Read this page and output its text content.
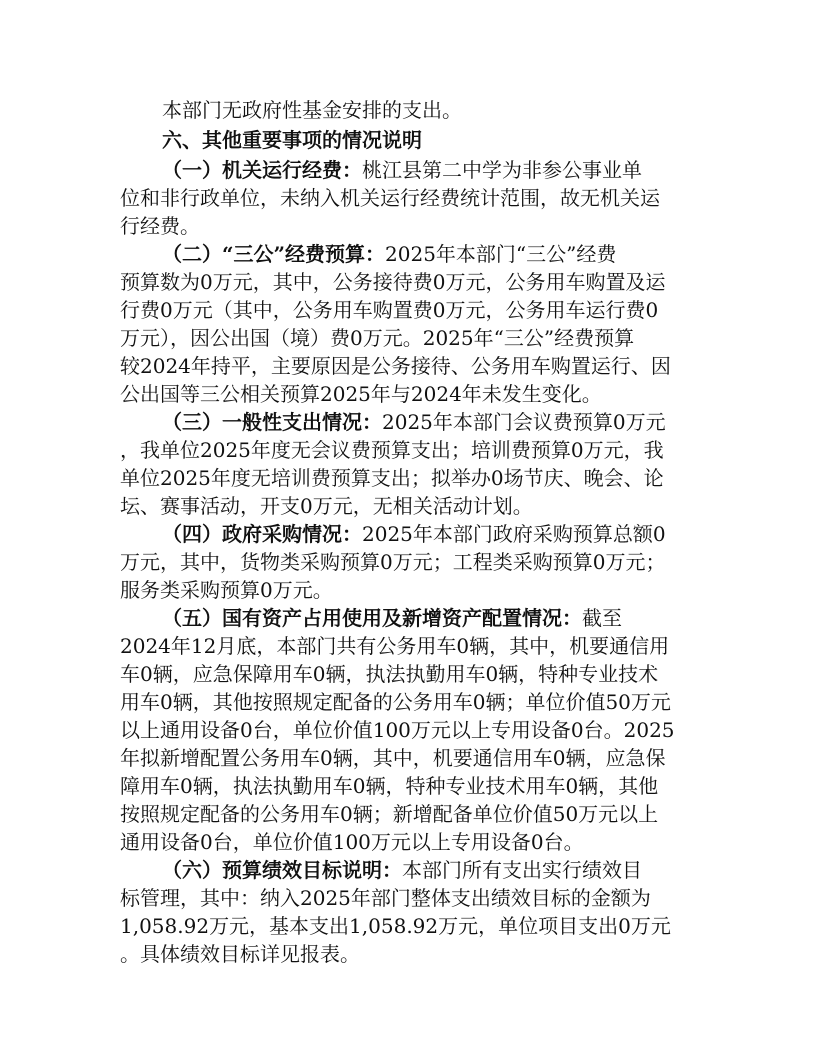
本部门无政府性基金安排的支出。
六、其他重要事项的情况说明
（一）机关运行经费：桃江县第二中学为非参公事业单
位和非行政单位，未纳入机关运行经费统计范围，故无机关运
行经费。
（二）“三公”经费预算：2025年本部门“三公”经费
预算数为0万元，其中，公务接待费0万元，公务用车购置及运
行费0万元（其中，公务用车购置费0万元，公务用车运行费0
万元），因公出国（境）费0万元。2025年“三公”经费预算
较2024年持平，主要原因是公务接待、公务用车购置运行、因
公出国等三公相关预算2025年与2024年未发生变化。
（三）一般性支出情况：2025年本部门会议费预算0万元
，我单位2025年度无会议费预算支出；培训费预算0万元，我
单位2025年度无培训费预算支出；拟举办0场节庆、晚会、论
坛、赛事活动，开支0万元，无相关活动计划。
（四）政府采购情况：2025年本部门政府采购预算总额0
万元，其中，货物类采购预算0万元；工程类采购预算0万元；
服务类采购预算0万元。
（五）国有资产占用使用及新增资产配置情况：截至
2024年12月底，本部门共有公务用车0辆，其中，机要通信用
车0辆，应急保障用车0辆，执法执勤用车0辆，特种专业技术
用车0辆，其他按照规定配备的公务用车0辆；单位价值50万元
以上通用设备0台，单位价值100万元以上专用设备0台。2025
年拟新增配置公务用车0辆，其中，机要通信用车0辆，应急保
障用车0辆，执法执勤用车0辆，特种专业技术用车0辆，其他
按照规定配备的公务用车0辆；新增配备单位价值50万元以上
通用设备0台，单位价值100万元以上专用设备0台。
（六）预算绩效目标说明：本部门所有支出实行绩效目
标管理，其中：纳入2025年部门整体支出绩效目标的金额为
1,058.92万元，基本支出1,058.92万元，单位项目支出0万元
。具体绩效目标详见报表。
